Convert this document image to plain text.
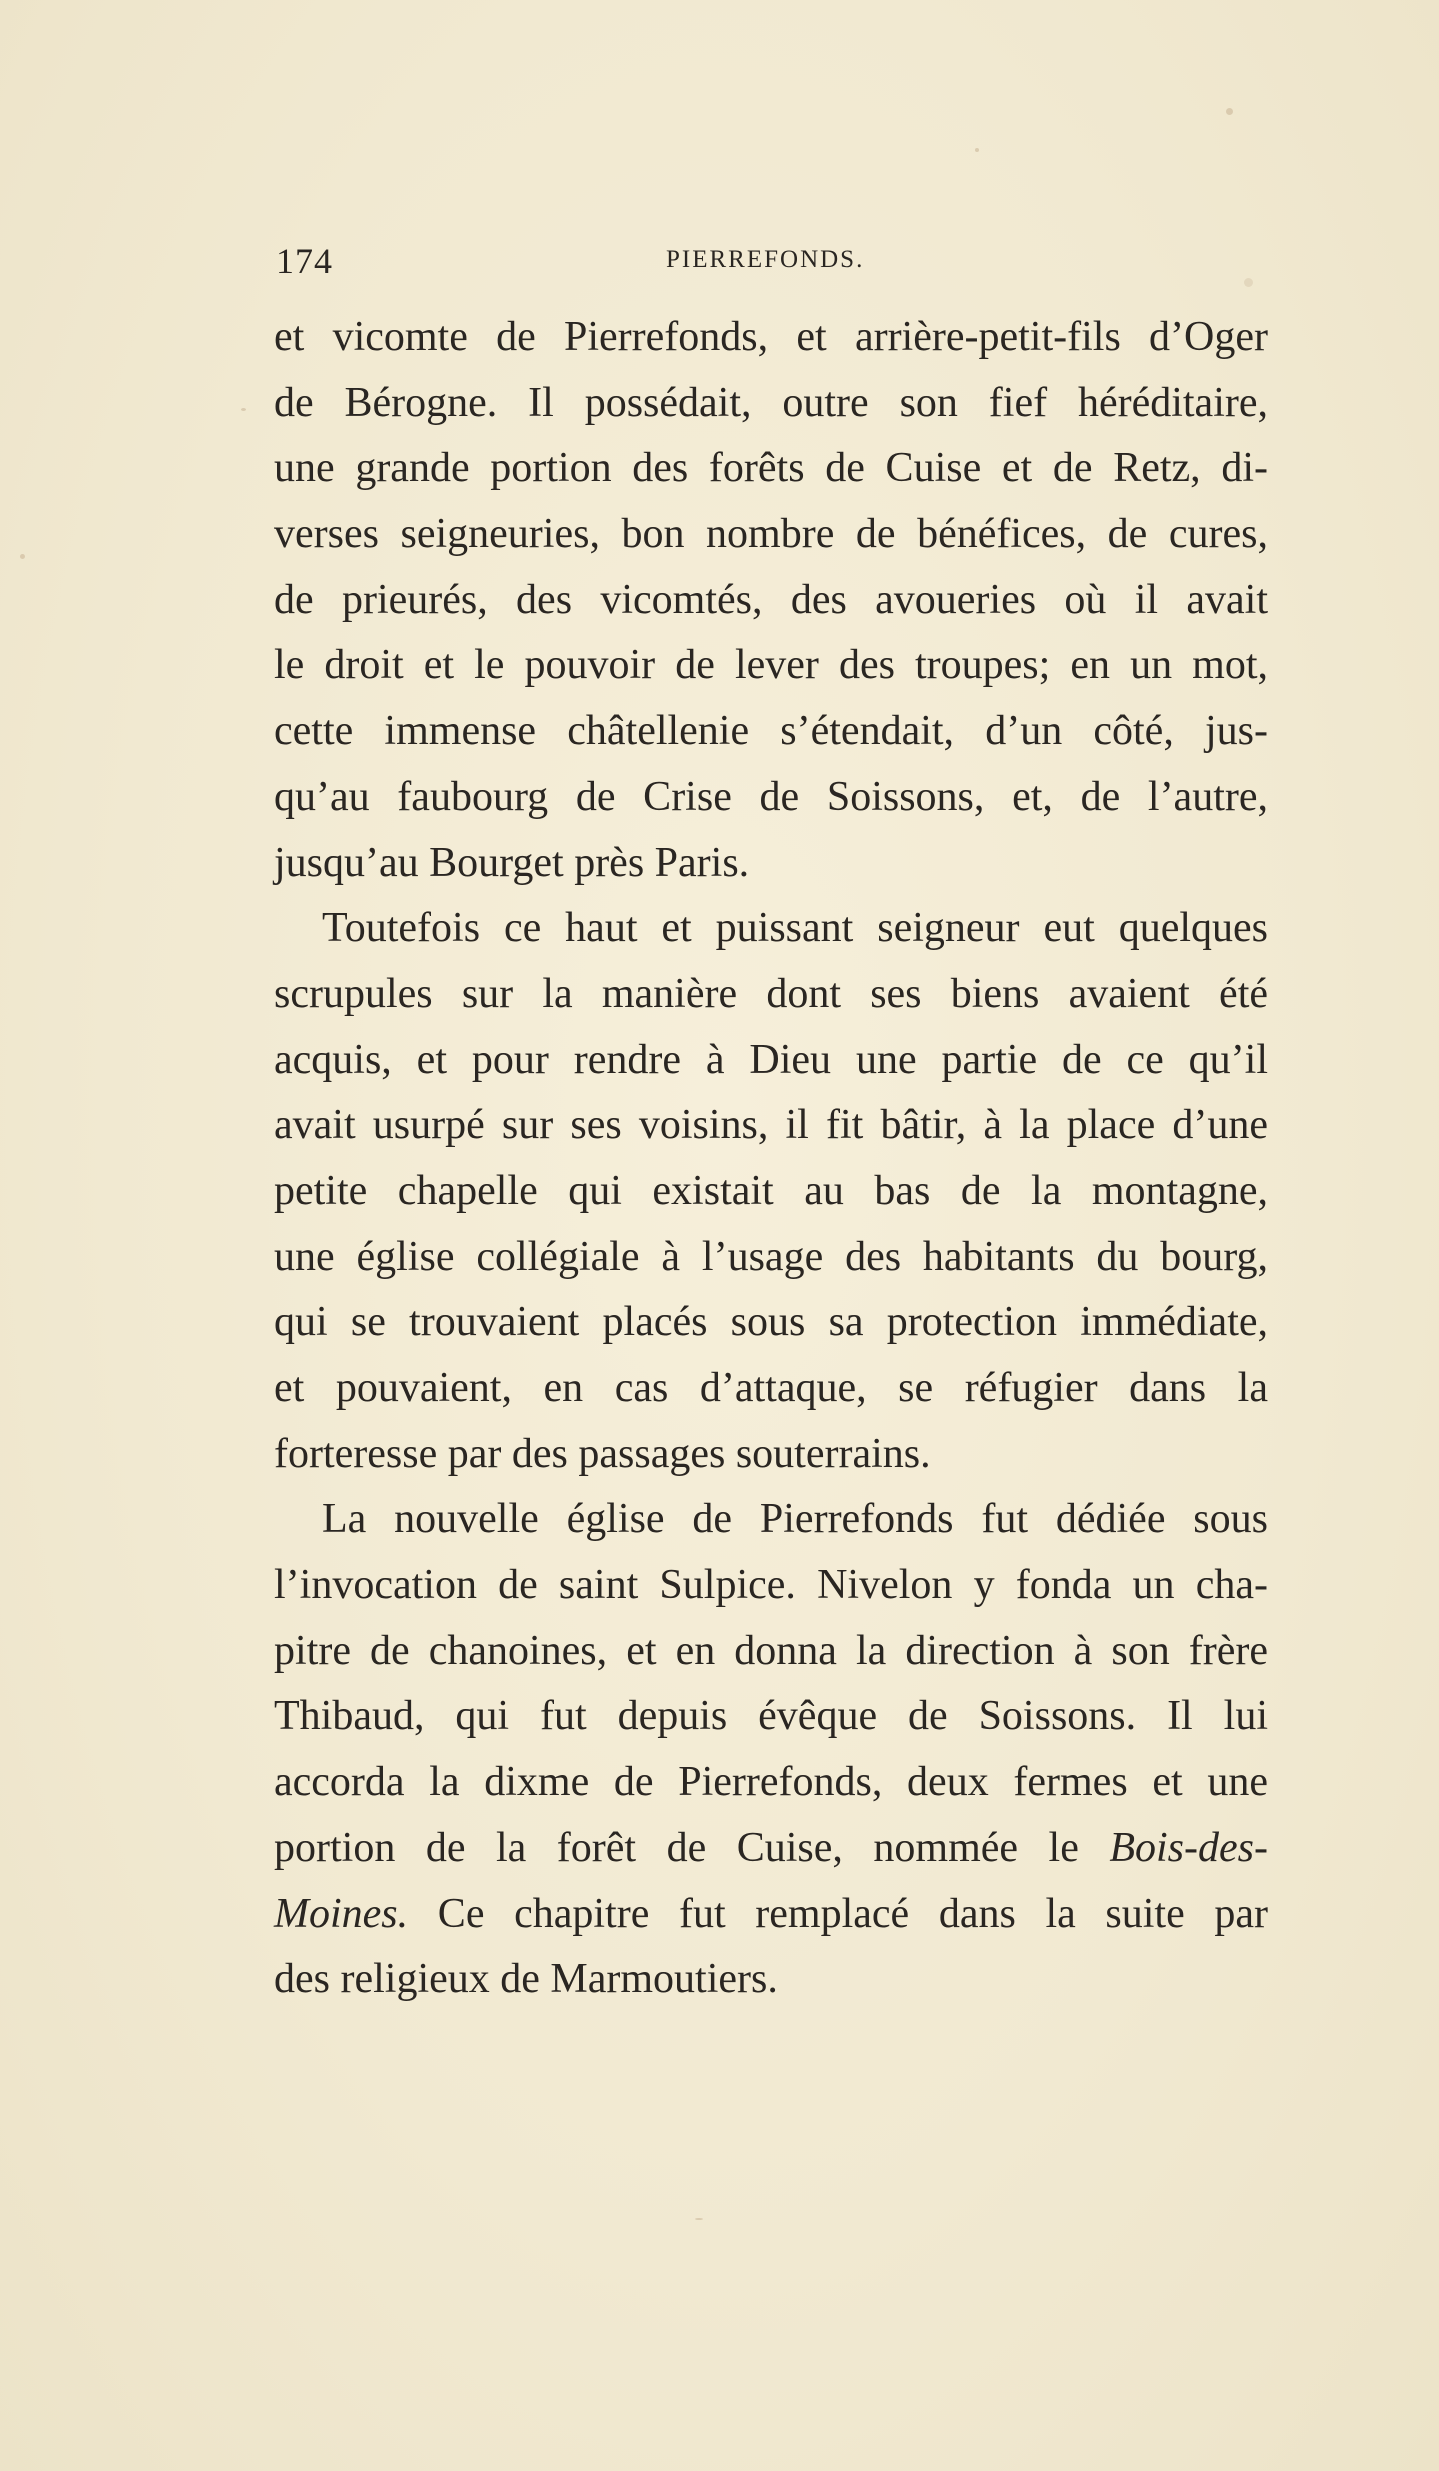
174	PIERREFONDS.
et vicomte de Pierrefonds, et arrière-petit-fils d’Oger
de Bérogne. Il possédait, outre son fief héréditaire,
une grande portion des forêts de Cuise et de Retz, di-
verses seigneuries, bon nombre de bénéfices, de cures,
de prieurés, des vicomtés, des avoueries où il avait
le droit et le pouvoir de lever des troupes; en un mot,
cette immense châtellenie s’étendait, d’un côté, jus-
qu’au faubourg de Crise de Soissons, et, de l’autre,
jusqu’au Bourget près Paris.
Toutefois ce haut et puissant seigneur eut quelques
scrupules sur la manière dont ses biens avaient été
acquis, et pour rendre à Dieu une partie de ce qu’il
avait usurpé sur ses voisins, il fit bâtir, à la place d’une
petite chapelle qui existait au bas de la montagne,
une église collégiale à l’usage des habitants du bourg,
qui se trouvaient placés sous sa protection immédiate,
et pouvaient, en cas d’attaque, se réfugier dans la
forteresse par des passages souterrains.
La nouvelle église de Pierrefonds fut dédiée sous
l’invocation de saint Sulpice. Nivelon y fonda un cha-
pitre de chanoines, et en donna la direction à son frère
Thibaud, qui fut depuis évêque de Soissons. Il lui
accorda la dixme de Pierrefonds, deux fermes et une
portion de la forêt de Cuise, nommée le Bois-des-
Moines. Ce chapitre fut remplacé dans la suite par
des religieux de Marmoutiers.
